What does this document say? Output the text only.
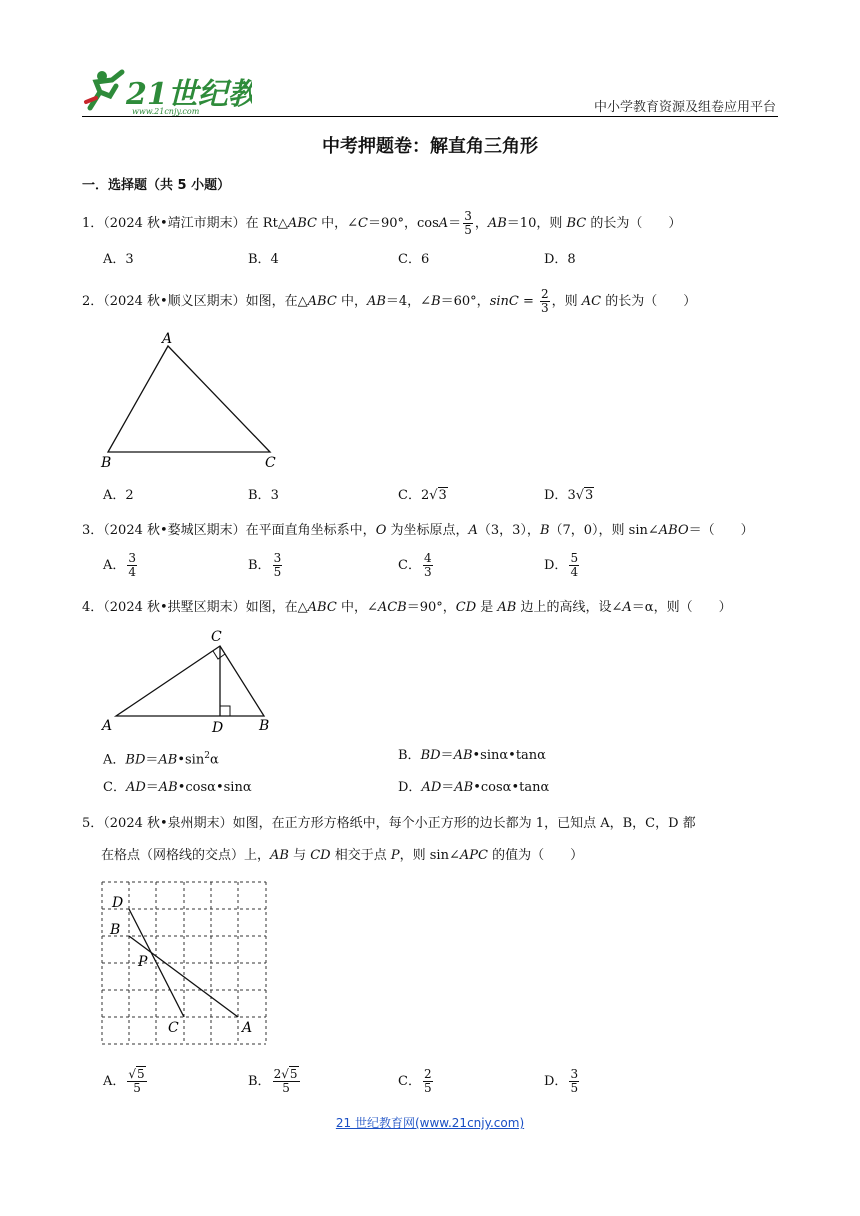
21世纪
www.21cnjy.com	中小学教育资源及组卷应用平台
中考押题卷：解直角三角形
一．选择题（共 5 小题）
1．（2024 秋•靖江市期末）在 Rt△ABC 中，∠C＝90°，$\cos A= \frac{3}{5}$ ，AB＝10，则 BC 的长为（　　）
A．3	B．4	C．6	D．8
2．（2024 秋•顺义区期末）如图，在△ABC 中，AB＝4，∠B＝60°，$\sin C = \frac{2}{3}$ ，则 AC 的长为（　　）
A
B	C
A．2	B．3	C．2√3	D．3√3
3．（2024 秋•婺城区期末）在平面直角坐标系中，O 为坐标原点，A（3，3），B（7，0），则 sin∠ABO＝（　　）
A． $\frac{3}{4}$	B． $\frac{3}{5}$	C． $\frac{4}{3}$	D． $\frac{5}{4}$
4．（2024 秋•拱墅区期末）如图，在△ABC 中，∠ACB＝90°，CD 是 AB 边上的高线，设∠A＝α，则（　　）
C
A	D	B
A．$BD=AB•\sin^2\alpha$	B．BD＝AB•sinα•tanα
C．AD＝AB•cosα•sinα	D．AD＝AB•cosα•tanα
5．（2024 秋•泉州期末）如图，在正方形方格纸中，每个小正方形的边长都为 1，已知点 A，B，C，D 都
在格点（网格线的交点）上，AB 与 CD 相交于点 P，则 sin∠APC 的值为（　　）
D
B
P
C	A
A． $\frac{√5}{5}$	B． $\frac{2√5}{5}$	C． $\frac{2}{5}$	D． $\frac{3}{5}$
21 世纪教育网(www.21cnjy.com)
